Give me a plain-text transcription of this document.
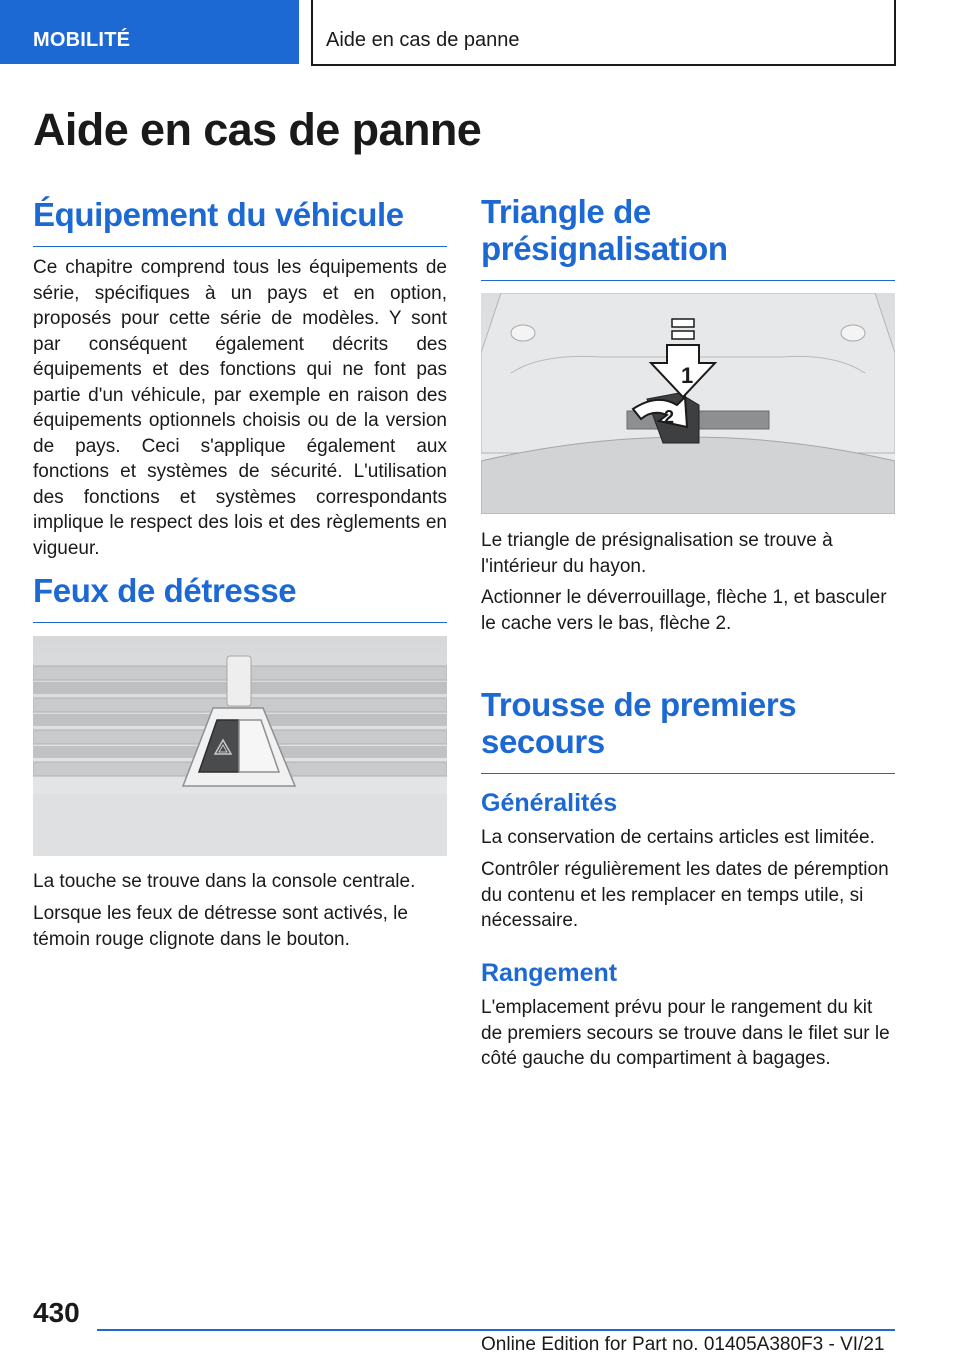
MOBILITÉ	Aide en cas de panne
Aide en cas de panne
Équipement du véhicule

Ce chapitre comprend tous les équipements de série, spécifiques à un pays et en option, proposés pour cette série de modèles. Y sont par conséquent également décrits des équipements et des fonctions qui ne font pas partie d'un véhicule, par exemple en raison des équipements optionnels choisis ou de la version de pays. Ceci s'applique également aux fonctions et systèmes de sécurité. L'utilisation des fonctions et systèmes correspondants implique le respect des lois et des règlements en vigueur.

Feux de détresse

La touche se trouve dans la console centrale.

Lorsque les feux de détresse sont activés, le témoin rouge clignote dans le bouton.

Triangle de présignalisation
1
2

Le triangle de présignalisation se trouve à l'intérieur du hayon.

Actionner le déverrouillage, flèche 1, et basculer le cache vers le bas, flèche 2.

Trousse de premiers secours
Généralités

La conservation de certains articles est limitée.

Contrôler régulièrement les dates de péremption du contenu et les remplacer en temps utile, si nécessaire.

Rangement

L'emplacement prévu pour le rangement du kit de premiers secours se trouve dans le filet sur le côté gauche du compartiment à bagages.

430
Online Edition for Part no. 01405A380F3 - VI/21
